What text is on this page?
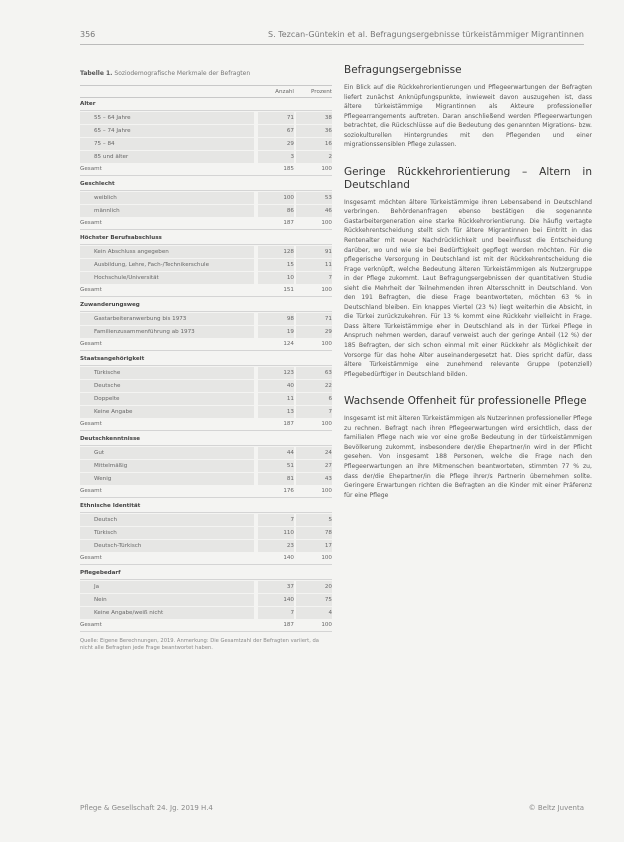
356	S. Tezcan-Güntekin et al. Befragungsergebnisse türkeistämmiger Migrantinnen
Tabelle 1. Soziodemografische Merkmale der Befragten
Anzahl	Prozent
Alter
55 – 64 Jahre	71	38
65 – 74 Jahre	67	36
75 – 84	29	16
85 und älter	3	2
Gesamt	185	100
Geschlecht
weiblich	100	53
männlich	86	46
Gesamt	187	100
Höchster Berufsabschluss
Kein Abschluss angegeben	128	91
Ausbildung, Lehre, Fach-/Technikerschule	15	11
Hochschule/Universität	10	7
Gesamt	151	100
Zuwanderungsweg
Gastarbeiteranwerbung bis 1973	98	71
Familienzusammenführung ab 1973	19	29
Gesamt	124	100
Staatsangehörigkeit
Türkische	123	63
Deutsche	40	22
Doppelte	11	6
Keine Angabe	13	7
Gesamt	187	100
Deutschkenntnisse
Gut	44	24
Mittelmäßig	51	27
Wenig	81	43
Gesamt	176	100
Ethnische Identität
Deutsch	7	5
Türkisch	110	78
Deutsch-Türkisch	23	17
Gesamt	140	100
Pflegebedarf
Ja	37	20
Nein	140	75
Keine Angabe/weiß nicht	7	4
Gesamt	187	100
Quelle: Eigene Berechnungen, 2019. Anmerkung: Die Gesamtzahl der Befragten variiert, da nicht alle Befragten jede Frage beantwortet haben.
Befragungsergebnisse

Ein Blick auf die Rückkehrorientierungen und Pflegeerwartungen der Befragten liefert zunächst Anknüpfungspunkte, inwieweit davon auszugehen ist, dass ältere türkeistämmige Migrantinnen als Akteure professioneller Pflegearrangements auftreten. Daran anschließend werden Pflegeerwartungen betrachtet, die Rückschlüsse auf die Bedeutung des genannten Migrations- bzw. soziokulturellen Hintergrundes mit den Pflegenden und einer migrationssensiblen Pflege zulassen.

Geringe Rückkehrorientierung – Altern in Deutschland

Insgesamt möchten ältere Türkeistämmige ihren Lebensabend in Deutschland verbringen. Behördenanfragen ebenso bestätigen die sogenannte Gastarbeitergeneration eine starke Rückkehrorientierung. Die häufig vertagte Rückkehrentscheidung stellt sich für ältere Migrantinnen bei Eintritt in das Rentenalter mit neuer Nachdrücklichkeit und beeinflusst die Entscheidung darüber, wo und wie sie bei Bedürftigkeit gepflegt werden möchten. Für die pflegerische Versorgung in Deutschland ist mit der Rückkehrentscheidung die Frage verknüpft, welche Bedeutung älteren Türkeistämmigen als Nutzergruppe in der Pflege zukommt. Laut Befragungsergebnissen der quantitativen Studie sieht die Mehrheit der Teilnehmenden ihren Altersschnitt in Deutschland. Von den 191 Befragten, die diese Frage beantworteten, möchten 63 % in Deutschland bleiben. Ein knappes Viertel (23 %) liegt weiterhin die Absicht, in die Türkei zurückzukehren. Für 13 % kommt eine Rückkehr vielleicht in Frage. Dass ältere Türkeistämmige eher in Deutschland als in der Türkei Pflege in Anspruch nehmen werden, darauf verweist auch der geringe Anteil (12 %) der 185 Befragten, der sich schon einmal mit einer Rückkehr als Möglichkeit der Vorsorge für das hohe Alter auseinandergesetzt hat. Dies spricht dafür, dass ältere Türkeistämmige eine zunehmend relevante Gruppe (potenziell) Pflegebedürftiger in Deutschland bilden.

Wachsende Offenheit für professionelle Pflege

Insgesamt ist mit älteren Türkeistämmigen als Nutzerinnen professioneller Pflege zu rechnen. Befragt nach ihren Pflegeerwartungen wird ersichtlich, dass der familialen Pflege nach wie vor eine große Bedeutung in der türkeistämmigen Bevölkerung zukommt, insbesondere der/die Ehepartner/in wird in der Pflicht gesehen. Von insgesamt 188 Personen, welche die Frage nach den Pflegeerwartungen an ihre Mitmenschen beantworteten, stimmten 77 % zu, dass der/die Ehepartner/in die Pflege ihrer/s Partnerin übernehmen sollte. Geringere Erwartungen richten die Befragten an die Kinder mit einer Präferenz für eine Pflege

Pflege & Gesellschaft 24. Jg. 2019 H.4	© Beltz Juventa
